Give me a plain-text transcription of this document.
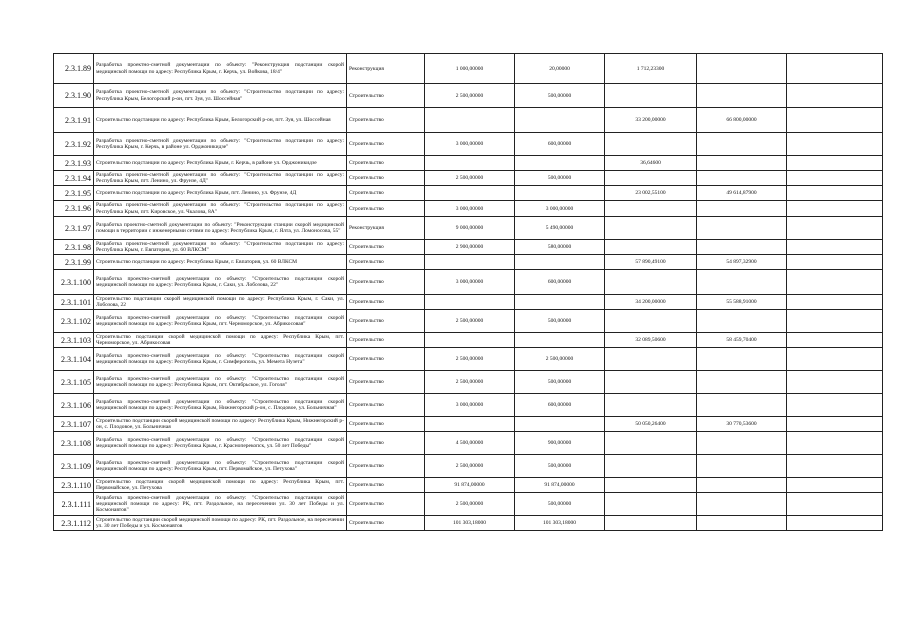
2.3.1.89	Разработка проектно-сметной документации по объекту: "Реконструкция подстанции скорой медицинской помощи по адресу: Республика Крым, г. Керчь, ул. Войкова, 18/4"	Реконструкция	1 000,00000	20,00000	1 712,23300		
2.3.1.90	Разработка проектно-сметной документации по объекту: "Строительство подстанции по адресу: Республика Крым, Белогорский р-он, пгт. Зуя, ул. Шоссейная"	Строительство	2 500,00000	500,00000			
2.3.1.91	Строительство подстанции по адресу: Республика Крым, Белогорский р-он, пгт. Зуя, ул. Шоссейная	Строительство			33 200,00000	66 800,00000	
2.3.1.92	Разработка проектно-сметной документации по объекту: "Строительство подстанции по адресу: Республика Крым, г. Керчь, в районе ул. Орджоникидзе"	Строительство	3 000,00000	600,00000			
2.3.1.93	Строительство подстанции по адресу: Республика Крым, г. Керчь, в районе ул. Орджоникидзе	Строительство			36,64600		
2.3.1.94	Разработка проектно-сметной документации по объекту: "Строительство подстанции по адресу: Республика Крым, пгт. Ленино, ул. Фрунзе, 4Д"	Строительство	2 500,00000	500,00000			
2.3.1.95	Строительство подстанции по адресу: Республика Крым, пгт. Ленино, ул. Фрунзе, 4Д	Строительство			23 002,55100	49 614,87900	
2.3.1.96	Разработка проектно-сметной документации по объекту: "Строительство подстанции по адресу: Республика Крым, пгт. Кировское, ул. Чкалова, 8А"	Строительство	3 000,00000	3 000,00000			
2.3.1.97	Разработка проектно-сметной документации по объекту: "Реконструкция станции скорой медицинской помощи в территории с инженерными сетями по адресу: Республика Крым, г. Ялта, ул. Ломоносова, 55"	Реконструкция	9 000,00000	5 490,00000			
2.3.1.98	Разработка проектно-сметной документации по объекту: "Строительство подстанции по адресу: Республика Крым, г. Евпатория, ул. 60 ВЛКСМ"	Строительство	2 900,00000	580,00000			
2.3.1.99	Строительство подстанции по адресу: Республика Крым, г. Евпатория, ул. 60 ВЛКСМ	Строительство			57 890,49100	54 897,32900	
2.3.1.100	Разработка проектно-сметной документации по объекту: "Строительство подстанции скорой медицинской помощи по адресу: Республика Крым, г. Саки, ул. Лобозова, 22"	Строительство	3 000,00000	600,00000			
2.3.1.101	Строительство подстанции скорой медицинской помощи по адресу: Республика Крым, г. Саки, ул. Лобозова, 22	Строительство			34 200,00000	55 588,91000	
2.3.1.102	Разработка проектно-сметной документации по объекту: "Строительство подстанции скорой медицинской помощи по адресу: Республика Крым, пгт. Черноморское, ул. Абрикосовая"	Строительство	2 500,00000	500,00000			
2.3.1.103	Строительство подстанции скорой медицинской помощи по адресу: Республика Крым, пгт. Черноморское, ул. Абрикосовая	Строительство			32 089,50600	58 459,70400	
2.3.1.104	Разработка проектно-сметной документации по объекту: "Строительство подстанции скорой медицинской помощи по адресу: Республика Крым, г. Симферополь, ул. Мемета Нузета"	Строительство	2 500,00000	2 500,00000			
2.3.1.105	Разработка проектно-сметной документации по объекту: "Строительство подстанции скорой медицинской помощи по адресу: Республика Крым, пгт. Октябрьское, ул. Гоголя"	Строительство	2 500,00000	500,00000			
2.3.1.106	Разработка проектно-сметной документации по объекту: "Строительство подстанции скорой медицинской помощи по адресу: Республика Крым, Нижнегорский р-он, с. Плодовое, ул. Больничная"	Строительство	3 000,00000	600,00000			
2.3.1.107	Строительство подстанции скорой медицинской помощи по адресу: Республика Крым, Нижнегорский р-он, с. Плодовое, ул. Больничная	Строительство			50 050,26400	30 770,53600	
2.3.1.108	Разработка проектно-сметной документации по объекту: "Строительство подстанции скорой медицинской помощи по адресу: Республика Крым, г. Красноперекопск, ул. 50 лет Победы"	Строительство	4 500,00000	900,00000			
2.3.1.109	Разработка проектно-сметной документации по объекту: "Строительство подстанции скорой медицинской помощи по адресу: Республика Крым, пгт. Первомайское, ул. Петухова"	Строительство	2 500,00000	500,00000			
2.3.1.110	Строительство подстанции скорой медицинской помощи по адресу: Республика Крым, пгт. Первомайское, ул. Петухова	Строительство	91 874,00000	91 874,00000			
2.3.1.111	Разработка проектно-сметной документации по объекту: "Строительство подстанции скорой медицинской помощи по адресу: РК, пгт. Раздольное, на пересечении ул. 30 лет Победы и ул. Космонавтов"	Строительство	2 500,00000	500,00000			
2.3.1.112	Строительство подстанции скорой медицинской помощи по адресу: РК, пгт. Раздольное, на пересечении ул. 30 лет Победы и ул. Космонавтов	Строительство	101 303,18000	101 303,18000			
